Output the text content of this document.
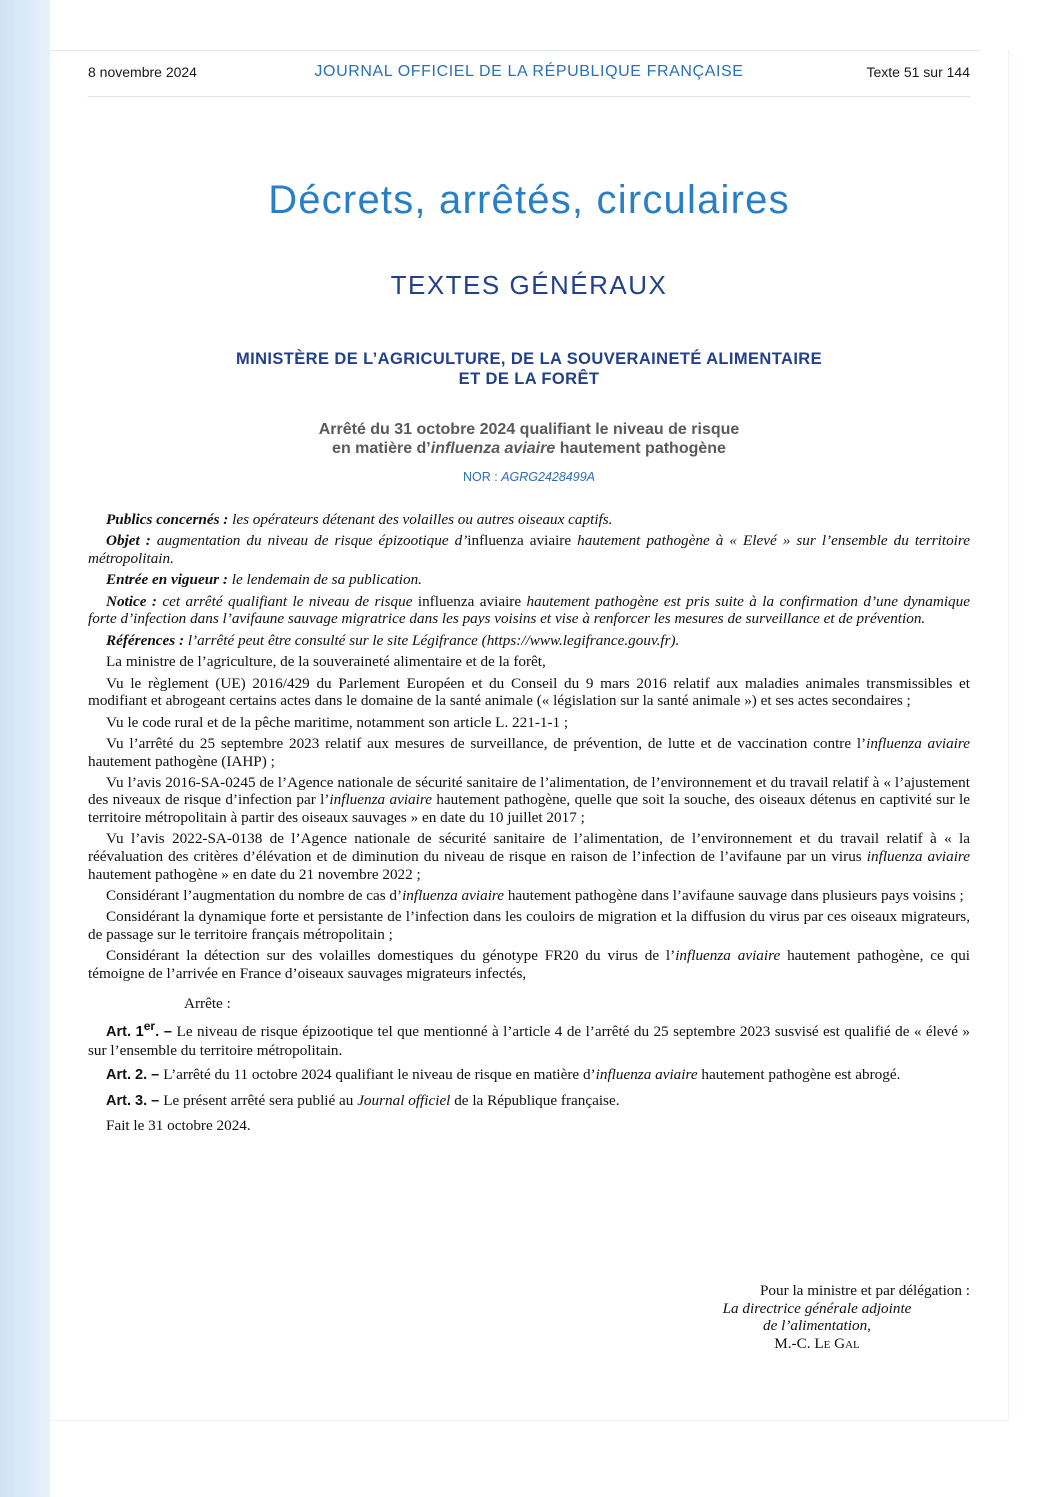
8 novembre 2024	JOURNAL OFFICIEL DE LA RÉPUBLIQUE FRANÇAISE	Texte 51 sur 144
Décrets, arrêtés, circulaires
TEXTES GÉNÉRAUX
MINISTÈRE DE L’AGRICULTURE, DE LA SOUVERAINETÉ ALIMENTAIRE
ET DE LA FORÊT
Arrêté du 31 octobre 2024 qualifiant le niveau de risque
en matière d’influenza aviaire hautement pathogène
NOR : AGRG2428499A

Publics concernés : les opérateurs détenant des volailles ou autres oiseaux captifs.

Objet : augmentation du niveau de risque épizootique d’influenza aviaire hautement pathogène à « Elevé » sur l’ensemble du territoire métropolitain.

Entrée en vigueur : le lendemain de sa publication.

Notice : cet arrêté qualifiant le niveau de risque influenza aviaire hautement pathogène est pris suite à la confirmation d’une dynamique forte d’infection dans l’avifaune sauvage migratrice dans les pays voisins et vise à renforcer les mesures de surveillance et de prévention.

Références : l’arrêté peut être consulté sur le site Légifrance (https://www.legifrance.gouv.fr).

La ministre de l’agriculture, de la souveraineté alimentaire et de la forêt,

Vu le règlement (UE) 2016/429 du Parlement Européen et du Conseil du 9 mars 2016 relatif aux maladies animales transmissibles et modifiant et abrogeant certains actes dans le domaine de la santé animale (« législation sur la santé animale ») et ses actes secondaires ;

Vu le code rural et de la pêche maritime, notamment son article L. 221-1-1 ;

Vu l’arrêté du 25 septembre 2023 relatif aux mesures de surveillance, de prévention, de lutte et de vaccination contre l’influenza aviaire hautement pathogène (IAHP) ;

Vu l’avis 2016-SA-0245 de l’Agence nationale de sécurité sanitaire de l’alimentation, de l’environnement et du travail relatif à « l’ajustement des niveaux de risque d’infection par l’influenza aviaire hautement pathogène, quelle que soit la souche, des oiseaux détenus en captivité sur le territoire métropolitain à partir des oiseaux sauvages » en date du 10 juillet 2017 ;

Vu l’avis 2022-SA-0138 de l’Agence nationale de sécurité sanitaire de l’alimentation, de l’environnement et du travail relatif à « la réévaluation des critères d’élévation et de diminution du niveau de risque en raison de l’infection de l’avifaune par un virus influenza aviaire hautement pathogène » en date du 21 novembre 2022 ;

Considérant l’augmentation du nombre de cas d’influenza aviaire hautement pathogène dans l’avifaune sauvage dans plusieurs pays voisins ;

Considérant la dynamique forte et persistante de l’infection dans les couloirs de migration et la diffusion du virus par ces oiseaux migrateurs, de passage sur le territoire français métropolitain ;

Considérant la détection sur des volailles domestiques du génotype FR20 du virus de l’influenza aviaire hautement pathogène, ce qui témoigne de l’arrivée en France d’oiseaux sauvages migrateurs infectés,

Arrête :

Art. 1er. – Le niveau de risque épizootique tel que mentionné à l’article 4 de l’arrêté du 25 septembre 2023 susvisé est qualifié de « élevé » sur l’ensemble du territoire métropolitain.

Art. 2. – L’arrêté du 11 octobre 2024 qualifiant le niveau de risque en matière d’influenza aviaire hautement pathogène est abrogé.

Art. 3. – Le présent arrêté sera publié au Journal officiel de la République française.

Fait le 31 octobre 2024.

Pour la ministre et par délégation :
La directrice générale adjointe
de l’alimentation,
M.-C. Le Gal
